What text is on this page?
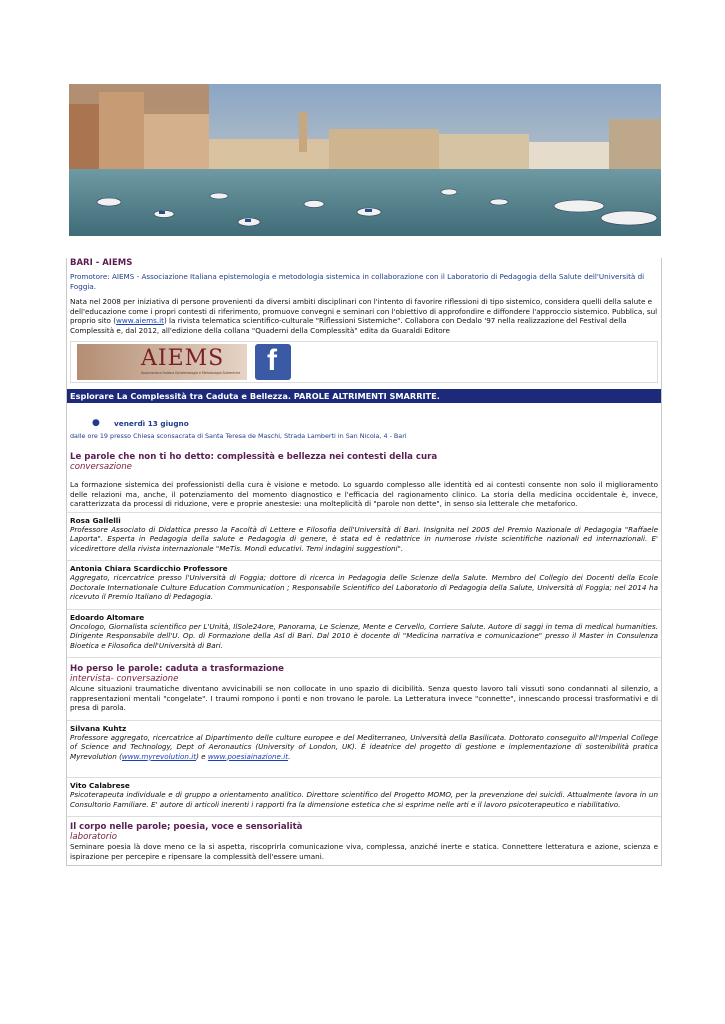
BARI - AIEMS
Promotore: AIEMS - Associazione Italiana epistemologia e metodologia sistemica in collaborazione con il Laboratorio di Pedagogia della Salute dell'Università di Foggia.
Nata nel 2008 per iniziativa di persone provenienti da diversi ambiti disciplinari con l'intento di favorire riflessioni di tipo sistemico, considera quelli della salute e dell'educazione come i propri contesti di riferimento, promuove convegni e seminari con l'obiettivo di approfondire e diffondere l'approccio sistemico. Pubblica, sul proprio sito (www.aiems.it) la rivista telematica scientifico-culturale "Riflessioni Sistemiche". Collabora con Dedalo '97 nella realizzazione del Festival della Complessità e, dal 2012, all'edizione della collana "Quaderni della Complessità" edita da Guaraldi Editore
AIEMS
Associazione Italiana Epistemologia e Metodologia Sistemiche f
Esplorare La Complessità tra Caduta e Bellezza. PAROLE ALTRIMENTI SMARRITE.
● venerdì 13 giugno
dalle ore 19 presso Chiesa sconsacrata di Santa Teresa de Maschi, Strada Lamberti in San Nicola, 4 - Bari
Le parole che non ti ho detto: complessità e bellezza nei contesti della cura
conversazione
La formazione sistemica dei professionisti della cura è visione e metodo. Lo sguardo complesso alle identità ed ai contesti consente non solo il miglioramento delle relazioni ma, anche, il potenziamento del momento diagnostico e l'efficacia del ragionamento clinico. La storia della medicina occidentale è, invece, caratterizzata da processi di riduzione, vere e proprie anestesie: una molteplicità di "parole non dette", in senso sia letterale che metaforico.
Rosa Gallelli
Professore Associato di Didattica presso la Facoltà di Lettere e Filosofia dell'Università di Bari. Insignita nel 2005 del Premio Nazionale di Pedagogia "Raffaele Laporta". Esperta in Pedagogia della salute e Pedagogia di genere, è stata ed è redattrice in numerose riviste scientifiche nazionali ed internazionali. E' vicedirettore della rivista internazionale "MeTis. Mondi educativi. Temi indagini suggestioni".
Antonia Chiara Scardicchio Professore
Aggregato, ricercatrice presso l'Università di Foggia; dottore di ricerca in Pedagogia delle Scienze della Salute. Membro del Collegio dei Docenti della Ecole Doctorale Internationale Culture Education Communication ; Responsabile Scientifico del Laboratorio di Pedagogia della Salute, Università di Foggia; nel 2014 ha ricevuto il Premio Italiano di Pedagogia.
Edoardo Altomare
Oncologo, Giornalista scientifico per L'Unità, IlSole24ore, Panorama, Le Scienze, Mente e Cervello, Corriere Salute. Autore di saggi in tema di medical humanities. Dirigente Responsabile dell'U. Op. di Formazione della Asl di Bari. Dal 2010 è docente di "Medicina narrativa e comunicazione" presso il Master in Consulenza Bioetica e Filosofica dell'Università di Bari.
Ho perso le parole: caduta a trasformazione
intervista- conversazione
Alcune situazioni traumatiche diventano avvicinabili se non collocate in uno spazio di dicibilità. Senza questo lavoro tali vissuti sono condannati al silenzio, a rappresentazioni mentali "congelate". I traumi rompono i ponti e non trovano le parole. La Letteratura invece "connette", innescando processi trasformativi e di presa di parola.
Silvana Kuhtz
Professore aggregato, ricercatrice al Dipartimento delle culture europee e del Mediterraneo, Università della Basilicata. Dottorato conseguito all'Imperial College of Science and Technology, Dept of Aeronautics (University of London, UK). É ideatrice del progetto di gestione e implementazione di sostenibilità pratica Myrevolution (www.myrevolution.it) e www.poesiainazione.it.
Vito Calabrese
Psicoterapeuta individuale e di gruppo a orientamento analitico. Direttore scientifico del Progetto MOMO, per la prevenzione dei suicidi. Attualmente lavora in un Consultorio Familiare. E' autore di articoli inerenti i rapporti fra la dimensione estetica che si esprime nelle arti e il lavoro psicoterapeutico e riabilitativo.
Il corpo nelle parole; poesia, voce e sensorialità
laboratorio
Seminare poesia là dove meno ce la si aspetta, riscoprirla comunicazione viva, complessa, anziché inerte e statica. Connettere letteratura e azione, scienza e ispirazione per percepire e ripensare la complessità dell'essere umani.
